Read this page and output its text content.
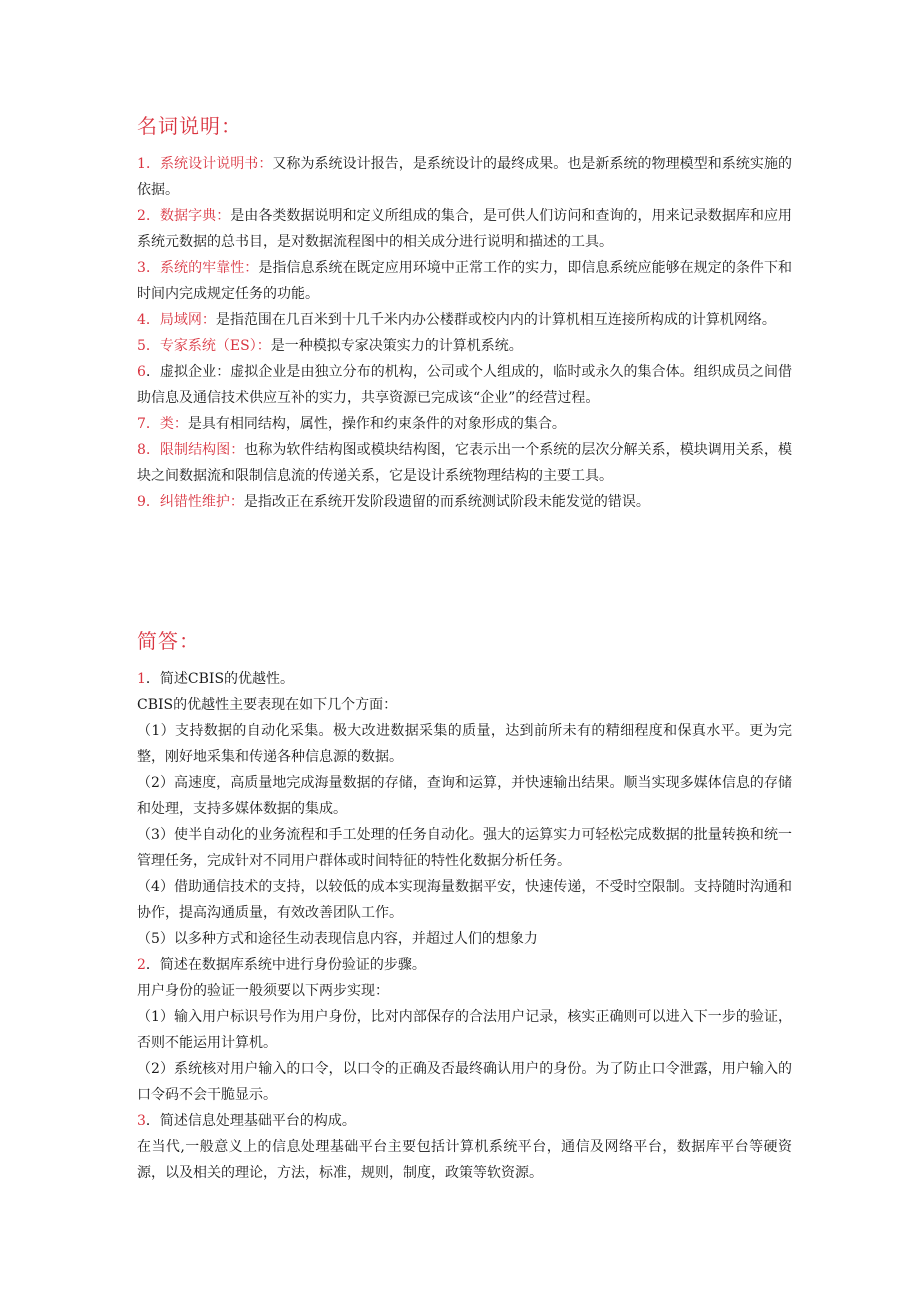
名词说明：

1．系统设计说明书：又称为系统设计报告，是系统设计的最终成果。也是新系统的物理模型和系统实施的依据。

2．数据字典：是由各类数据说明和定义所组成的集合，是可供人们访问和查询的，用来记录数据库和应用系统元数据的总书目，是对数据流程图中的相关成分进行说明和描述的工具。

3．系统的牢靠性：是指信息系统在既定应用环境中正常工作的实力，即信息系统应能够在规定的条件下和时间内完成规定任务的功能。

4．局域网：是指范围在几百米到十几千米内办公楼群或校内内的计算机相互连接所构成的计算机网络。

5．专家系统（ES）：是一种模拟专家决策实力的计算机系统。

6．虚拟企业：虚拟企业是由独立分布的机构，公司或个人组成的，临时或永久的集合体。组织成员之间借助信息及通信技术供应互补的实力，共享资源已完成该“企业”的经营过程。

7．类：是具有相同结构，属性，操作和约束条件的对象形成的集合。

8．限制结构图：也称为软件结构图或模块结构图，它表示出一个系统的层次分解关系，模块调用关系，模块之间数据流和限制信息流的传递关系，它是设计系统物理结构的主要工具。

9．纠错性维护：是指改正在系统开发阶段遗留的而系统测试阶段未能发觉的错误。

简答：

1．简述CBIS的优越性。

CBIS的优越性主要表现在如下几个方面：

（1）支持数据的自动化采集。极大改进数据采集的质量，达到前所未有的精细程度和保真水平。更为完整，刚好地采集和传递各种信息源的数据。

（2）高速度，高质量地完成海量数据的存储，查询和运算，并快速输出结果。顺当实现多媒体信息的存储和处理，支持多媒体数据的集成。

（3）使半自动化的业务流程和手工处理的任务自动化。强大的运算实力可轻松完成数据的批量转换和统一管理任务，完成针对不同用户群体或时间特征的特性化数据分析任务。

（4）借助通信技术的支持，以较低的成本实现海量数据平安，快速传递，不受时空限制。支持随时沟通和协作，提高沟通质量，有效改善团队工作。

（5）以多种方式和途径生动表现信息内容，并超过人们的想象力

2．简述在数据库系统中进行身份验证的步骤。

用户身份的验证一般须要以下两步实现：

（1）输入用户标识号作为用户身份，比对内部保存的合法用户记录，核实正确则可以进入下一步的验证，否则不能运用计算机。

（2）系统核对用户输入的口令，以口令的正确及否最终确认用户的身份。为了防止口令泄露，用户输入的口令码不会干脆显示。

3．简述信息处理基础平台的构成。

在当代,一般意义上的信息处理基础平台主要包括计算机系统平台，通信及网络平台，数据库平台等硬资源，以及相关的理论，方法，标准，规则，制度，政策等软资源。
